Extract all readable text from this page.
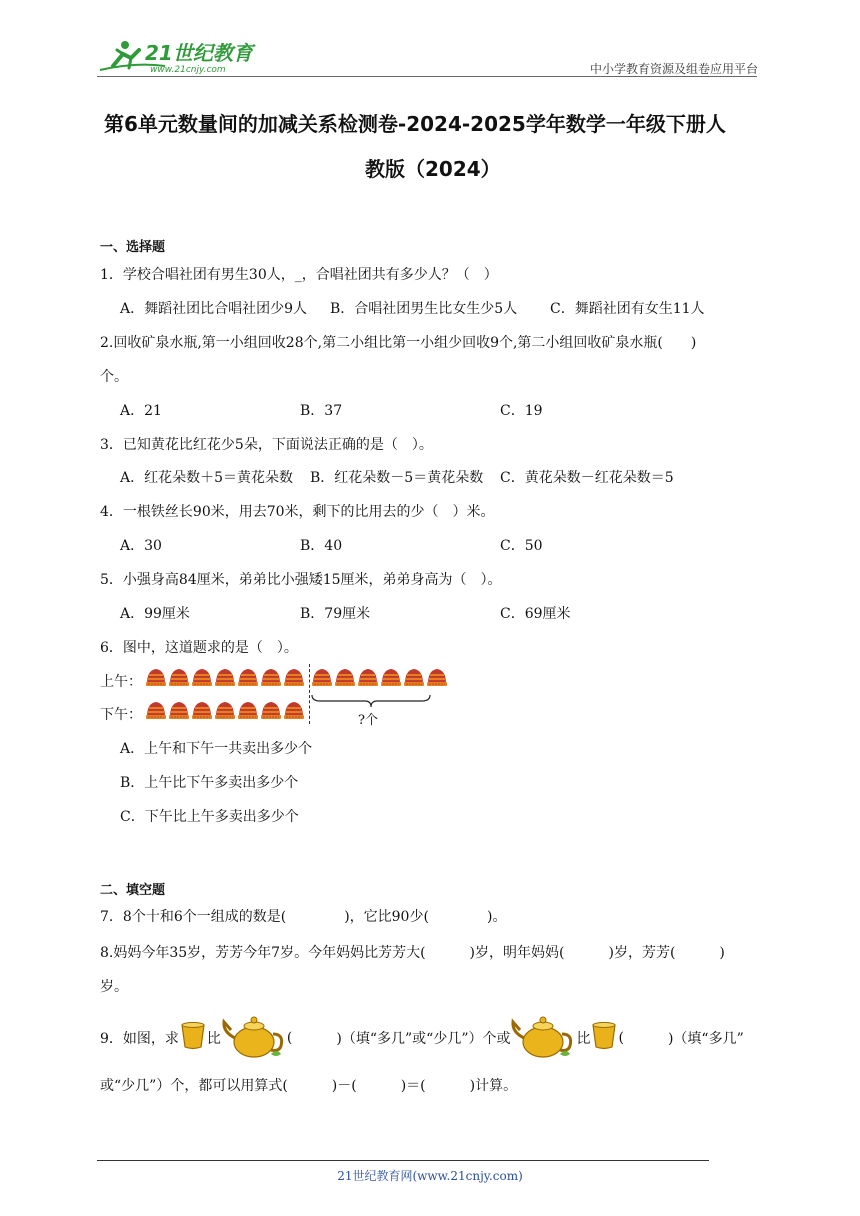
21世纪教育
www.21cnjy.com	中小学教育资源及组卷应用平台
第6单元数量间的加减关系检测卷-2024-2025学年数学一年级下册人
教版（2024）
一、选择题
1．学校合唱社团有男生30人，_，合唱社团共有多少人？（　）
A．舞蹈社团比合唱社团少9人 B．合唱社团男生比女生少5人 C．舞蹈社团有女生11人
2.回收矿泉水瓶,第一小组回收28个,第二小组比第一小组少回收9个,第二小组回收矿泉水瓶(　　)
个。
A．21	B．37	C．19
3．已知黄花比红花少5朵，下面说法正确的是（　）。
A．红花朵数＋5＝黄花朵数 B．红花朵数－5＝黄花朵数 C．黄花朵数－红花朵数＝5
4．一根铁丝长90米，用去70米，剩下的比用去的少（　）米。
A．30	B．40	C．50
5．小强身高84厘米，弟弟比小强矮15厘米，弟弟身高为（　）。
A．99厘米	B．79厘米	C．69厘米
6．图中，这道题求的是（　）。
上午：
下午：	?个
A．上午和下午一共卖出多少个
B．上午比下午多卖出多少个
C．下午比上午多卖出多少个
二、填空题
7．8个十和6个一组成的数是(	)，它比90少(	)。
8.妈妈今年35岁，芳芳今年7岁。今年妈妈比芳芳大(	)岁，明年妈妈(	)岁，芳芳(	)
岁。
9．如图，求 比	(	)（填“多几”或“少几”）个或	比 (	)（填“多几”
或“少几”）个，都可以用算式(	)－(	)＝(	)计算。
21世纪教育网(www.21cnjy.com)
